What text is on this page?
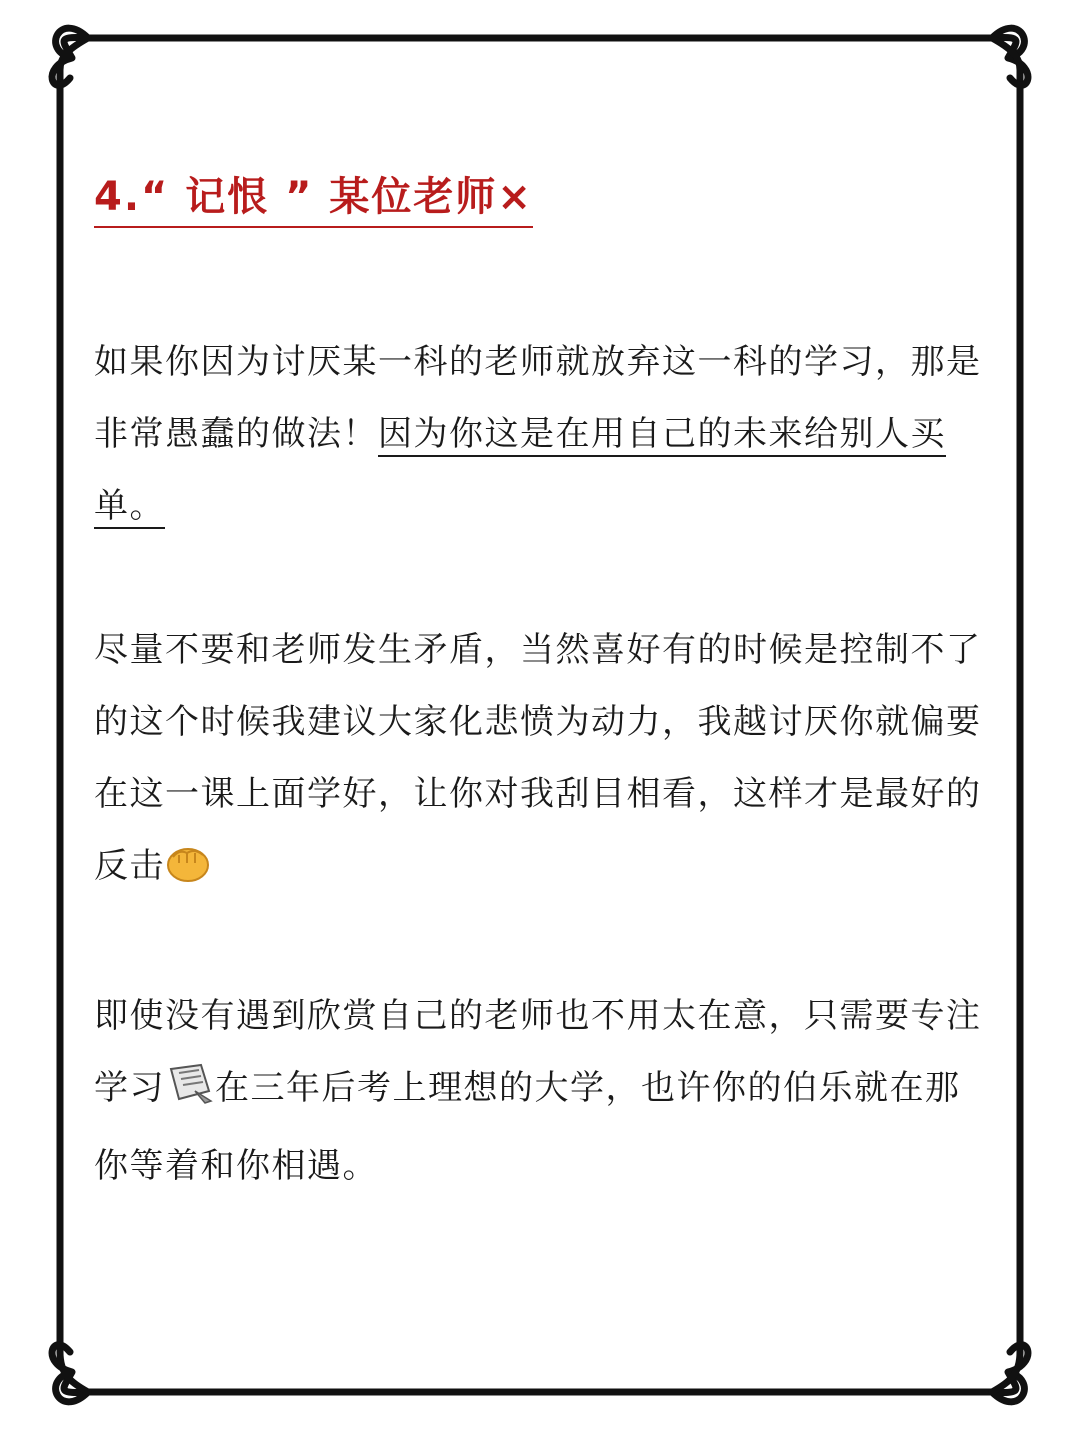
4.“ 记恨 ” 某位老师×

如果你因为讨厌某一科的老师就放弃这一科的学习，那是非常愚蠢的做法！因为你这是在用自己的未来给别人买单。

尽量不要和老师发生矛盾，当然喜好有的时候是控制不了的这个时候我建议大家化悲愤为动力，我越讨厌你就偏要在这一课上面学好，让你对我刮目相看，这样才是最好的反击

即使没有遇到欣赏自己的老师也不用太在意，只需要专注学习 在三年后考上理想的大学，也许你的伯乐就在那你等着和你相遇。
